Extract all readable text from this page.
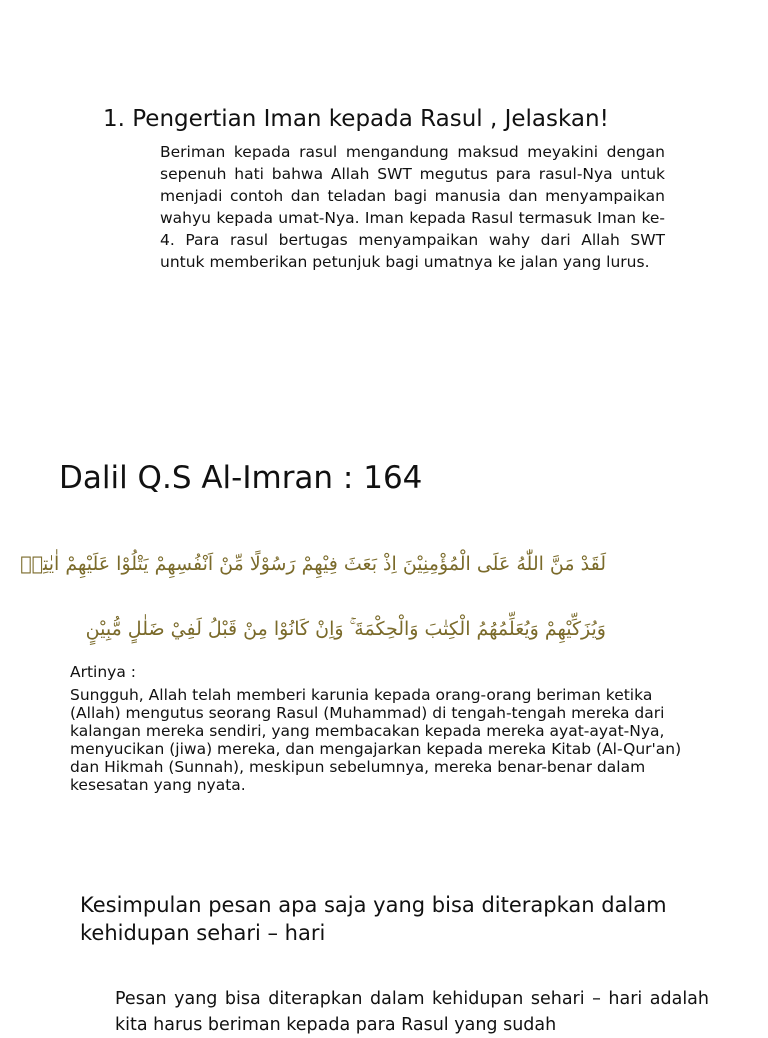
1. Pengertian Iman kepada Rasul , Jelaskan!

Beriman kepada rasul mengandung maksud meyakini dengan sepenuh hati bahwa Allah SWT megutus para rasul-Nya untuk menjadi contoh dan teladan bagi manusia dan menyampaikan wahyu kepada umat-Nya. Iman kepada Rasul termasuk Iman ke- 4. Para rasul bertugas menyampaikan wahy dari Allah SWT untuk memberikan petunjuk bagi umatnya ke jalan yang lurus.

Dalil Q.S Al-Imran : 164
لَقَدْ مَنَّ اللّٰهُ عَلَى الْمُؤْمِنِيْنَ اِذْ بَعَثَ فِيْهِمْ رَسُوْلًا مِّنْ اَنْفُسِهِمْ يَتْلُوْا عَلَيْهِمْ اٰيٰتِهٖ
وَيُزَكِّيْهِمْ وَيُعَلِّمُهُمُ الْكِتٰبَ وَالْحِكْمَةَ ۚ وَاِنْ كَانُوْا مِنْ قَبْلُ لَفِيْ ضَلٰلٍ مُّبِيْنٍ
Artinya :

Sungguh, Allah telah memberi karunia kepada orang-orang beriman ketika (Allah) mengutus seorang Rasul (Muhammad) di tengah-tengah mereka dari kalangan mereka sendiri, yang membacakan kepada mereka ayat-ayat-Nya, menyucikan (jiwa) mereka, dan mengajarkan kepada mereka Kitab (Al-Qur'an) dan Hikmah (Sunnah), meskipun sebelumnya, mereka benar-benar dalam kesesatan yang nyata.

Kesimpulan pesan apa saja yang bisa diterapkan dalam kehidupan sehari – hari

Pesan yang bisa diterapkan dalam kehidupan sehari – hari adalah kita harus beriman kepada para Rasul yang sudah
